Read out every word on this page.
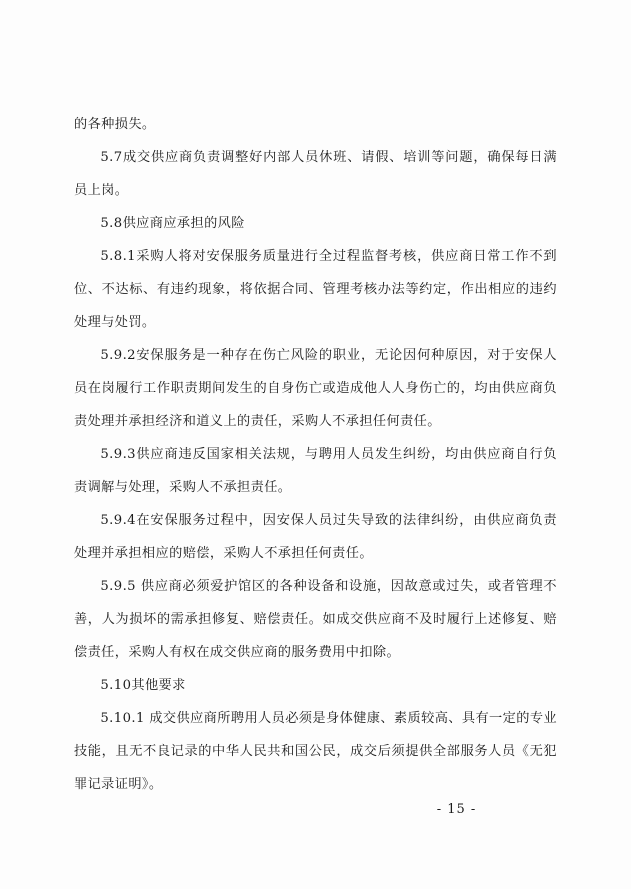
的各种损失。

5.7成交供应商负责调整好内部人员休班、请假、培训等问题，确保每日满员上岗。

5.8供应商应承担的风险

5.8.1采购人将对安保服务质量进行全过程监督考核，供应商日常工作不到位、不达标、有违约现象，将依据合同、管理考核办法等约定，作出相应的违约处理与处罚。

5.9.2安保服务是一种存在伤亡风险的职业，无论因何种原因，对于安保人员在岗履行工作职责期间发生的自身伤亡或造成他人人身伤亡的，均由供应商负责处理并承担经济和道义上的责任，采购人不承担任何责任。

5.9.3供应商违反国家相关法规，与聘用人员发生纠纷，均由供应商自行负责调解与处理，采购人不承担责任。

5.9.4在安保服务过程中，因安保人员过失导致的法律纠纷，由供应商负责处理并承担相应的赔偿，采购人不承担任何责任。

5.9.5 供应商必须爱护馆区的各种设备和设施，因故意或过失，或者管理不善，人为损坏的需承担修复、赔偿责任。如成交供应商不及时履行上述修复、赔偿责任，采购人有权在成交供应商的服务费用中扣除。

5.10其他要求

5.10.1 成交供应商所聘用人员必须是身体健康、素质较高、具有一定的专业技能，且无不良记录的中华人民共和国公民，成交后须提供全部服务人员《无犯罪记录证明》。

- 15 -
